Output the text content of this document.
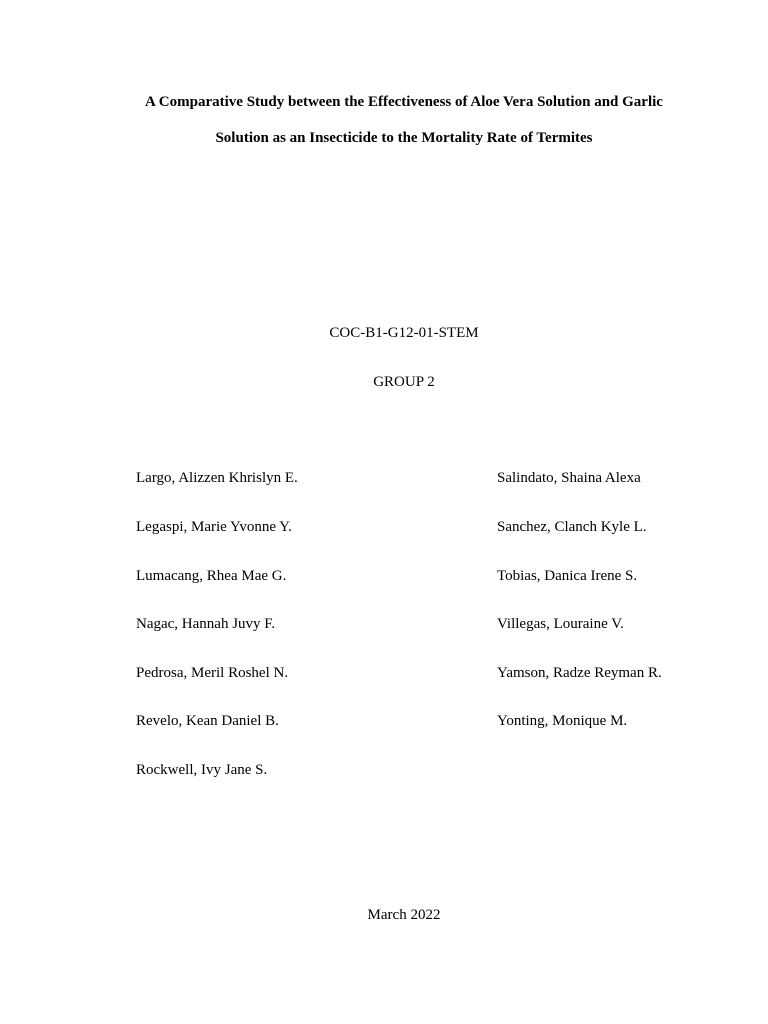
A Comparative Study between the Effectiveness of Aloe Vera Solution and Garlic
Solution as an Insecticide to the Mortality Rate of Termites
COC-B1-G12-01-STEM
GROUP 2
Largo, Alizzen Khrislyn E.
Legaspi, Marie Yvonne Y.
Lumacang, Rhea Mae G.
Nagac, Hannah Juvy F.
Pedrosa, Meril Roshel N.
Revelo, Kean Daniel B.
Rockwell, Ivy Jane S.
Salindato, Shaina Alexa
Sanchez, Clanch Kyle L.
Tobias, Danica Irene S.
Villegas, Louraine V.
Yamson, Radze Reyman R.
Yonting, Monique M.
March 2022
